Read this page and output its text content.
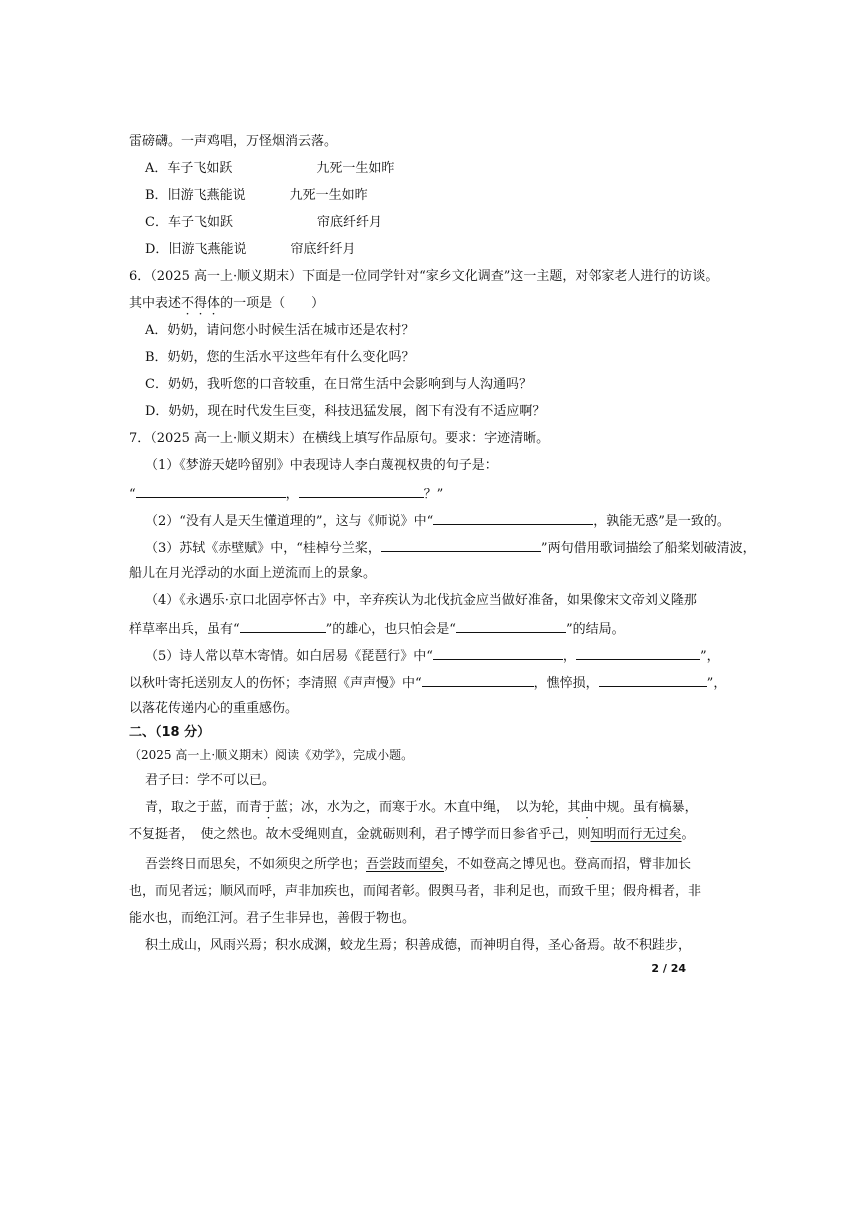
雷磅礴。一声鸡唱，万怪烟消云落。
A．车子飞如跃	九死一生如昨
B．旧游飞燕能说	九死一生如昨
C．车子飞如跃	帘底纤纤月
D．旧游飞燕能说	帘底纤纤月
6．（2025 高一上·顺义期末）下面是一位同学针对“家乡文化调查”这一主题，对邻家老人进行的访谈。
其中表述不得体的一项是（　　）
A．奶奶，请问您小时候生活在城市还是农村？
B．奶奶，您的生活水平这些年有什么变化吗？
C．奶奶，我听您的口音较重，在日常生活中会影响到与人沟通吗？
D．奶奶，现在时代发生巨变，科技迅猛发展，阁下有没有不适应啊？
7．（2025 高一上·顺义期末）在横线上填写作品原句。要求：字迹清晰。
（1）《梦游天姥吟留别》中表现诗人李白蔑视权贵的句子是：
“	，	？”
（2）“没有人是天生懂道理的”，这与《师说》中“	，孰能无惑”是一致的。
（3）苏轼《赤壁赋》中，“桂棹兮兰桨，	”两句借用歌词描绘了船桨划破清波，
船儿在月光浮动的水面上逆流而上的景象。
（4）《永遇乐·京口北固亭怀古》中，辛弃疾认为北伐抗金应当做好准备，如果像宋文帝刘义隆那
样草率出兵，虽有“	”的雄心，也只怕会是“	”的结局。
（5）诗人常以草木寄情。如白居易《琵琶行》中“	，	”，
以秋叶寄托送别友人的伤怀；李清照《声声慢》中“	，憔悴损，	”，
以落花传递内心的重重感伤。
二、（18 分）
（2025 高一上·顺义期末）阅读《劝学》，完成小题。
君子曰：学不可以已。
青，取之于蓝，而青于蓝；冰，水为之，而寒于水。木直中绳，　以为轮，其曲中规。虽有槁暴，
不复挺者，　使之然也。故木受绳则直，金就砺则利，君子博学而日参省乎己，则知明而行无过矣。
吾尝终日而思矣，不如须臾之所学也；吾尝跂而望矣，不如登高之博见也。登高而招，臂非加长
也，而见者远；顺风而呼，声非加疾也，而闻者彰。假舆马者，非利足也，而致千里；假舟楫者，非
能水也，而绝江河。君子生非异也，善假于物也。
积土成山，风雨兴焉；积水成渊，蛟龙生焉；积善成德，而神明自得，圣心备焉。故不积跬步，
2 / 24
